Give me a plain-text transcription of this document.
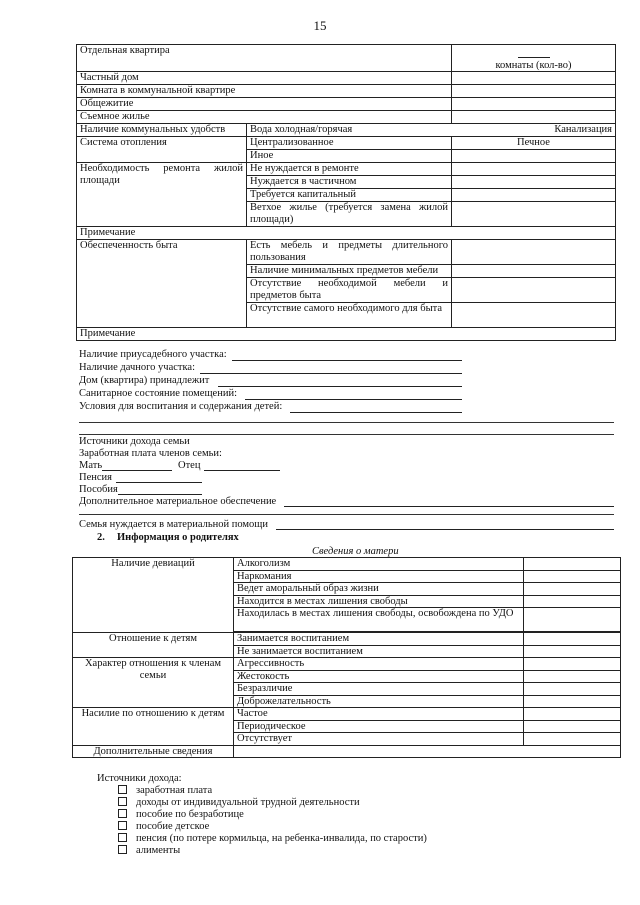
15
Отдельная квартира		комнаты (кол-во)
Частный дом		
Комната в коммунальной квартире		
Общежитие		
Съемное жилье		
Наличие коммунальных удобств	Вода холодная/горячая Канализация	

Система отопления	Централизованное	Печное
	Иное	
Необходимость ремонта жилой площади	Не нуждается в ремонте	
	Нуждается в частичном	
	Требуется капитальный	
	Ветхое жилье (требуется замена жилой площади)	
Примечание		
Обеспеченность быта	Есть мебель и предметы длительного пользования	
	Наличие минимальных предметов мебели	
	Отсутствие необходимой мебели и предметов быта	
	Отсутствие самого необходимого для быта	
Примечание		
Наличие приусадебного участка:
Наличие дачного участка:
Дом (квартира) принадлежит
Санитарное состояние помещений:
Условия для воспитания и содержания детей:
Источники дохода семьи
Заработная плата членов семьи:
Мать	Отец
Пенсия
Пособия
Дополнительное материальное обеспечение
Семья нуждается в материальной помощи
2. Информация о родителях
Сведения о матери
Наличие девиаций	Алкоголизм	
	Наркомания	
	Ведет аморальный образ жизни	
	Находится в местах лишения свободы	
	Находилась в местах лишения свободы, освобождена по УДО	

Отношение к детям	Занимается воспитанием	
	Не занимается воспитанием	
Характер отношения к членам семьи	Агрессивность	
	Жестокость	
	Безразличие	
	Доброжелательность	
Насилие по отношению к детям	Частое	
	Периодическое	
	Отсутствует	
Дополнительные сведения		
Источники дохода:
заработная плата
доходы от индивидуальной трудной деятельности
пособие по безработице
пособие детское
пенсия (по потере кормильца, на ребенка-инвалида, по старости)
алименты
